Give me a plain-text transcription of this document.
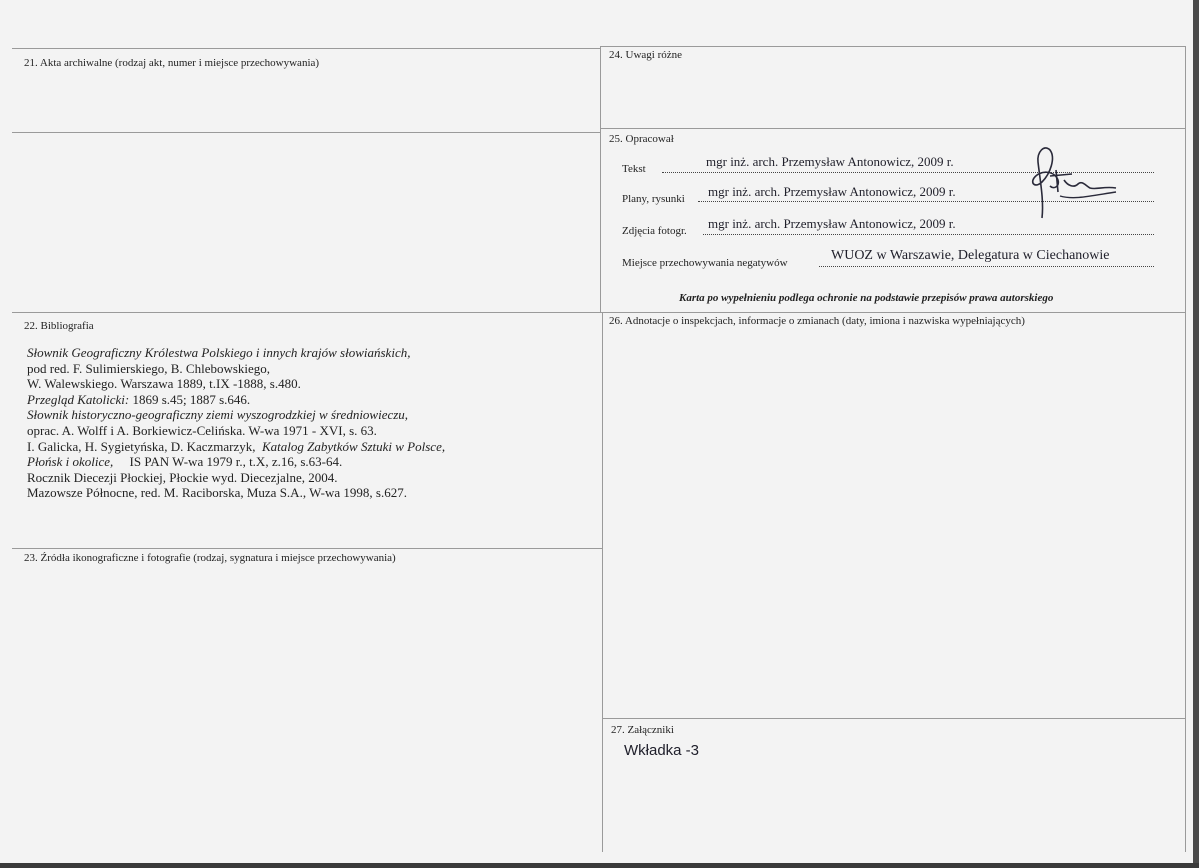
21. Akta archiwalne (rodzaj akt, numer i miejsce przechowywania)
24. Uwagi różne
25. Opracował
22. Bibliografia	26. Adnotacje o inspekcjach, informacje o zmianach (daty, imiona i nazwiska wypełniających)
23. Źródła ikonograficzne i fotografie (rodzaj, sygnatura i miejsce przechowywania)
27. Załączniki
Tekst	mgr inż. arch. Przemysław Antonowicz, 2009 r.
Plany, rysunki mgr inż. arch. Przemysław Antonowicz, 2009 r.
Zdjęcia fotogr. mgr inż. arch. Przemysław Antonowicz, 2009 r.
Miejsce przechowywania negatywów	WUOZ w Warszawie, Delegatura w Ciechanowie
Karta po wypełnieniu podlega ochronie na podstawie przepisów prawa autorskiego
Słownik Geograficzny Królestwa Polskiego i innych krajów słowiańskich,
pod red. F. Sulimierskiego, B. Chlebowskiego,
W. Walewskiego. Warszawa 1889, t.IX -1888, s.480.
Przegląd Katolicki: 1869 s.45; 1887 s.646.
Słownik historyczno-geograficzny ziemi wyszogrodzkiej w średniowieczu,
oprac. A. Wolff i A. Borkiewicz-Celińska. W-wa 1971 - XVI, s. 63.
I. Galicka, H. Sygietyńska, D. Kaczmarzyk,  Katalog Zabytków Sztuki w Polsce,
Płońsk i okolice,     IS PAN W-wa 1979 r., t.X, z.16, s.63-64.
Rocznik Diecezji Płockiej, Płockie wyd. Diecezjalne, 2004.
Mazowsze Północne, red. M. Raciborska, Muza S.A., W-wa 1998, s.627.
Wkładka -3
